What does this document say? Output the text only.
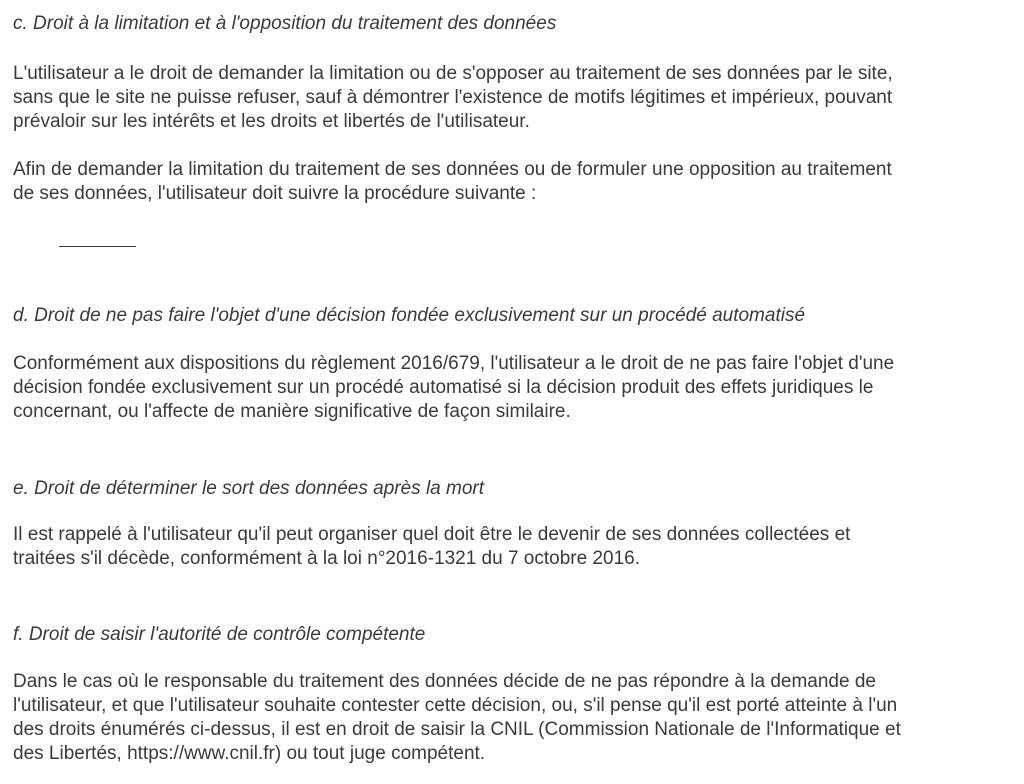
c. Droit à la limitation et à l'opposition du traitement des données

L'utilisateur a le droit de demander la limitation ou de s'opposer au traitement de ses données par le site,
sans que le site ne puisse refuser, sauf à démontrer l'existence de motifs légitimes et impérieux, pouvant
prévaloir sur les intérêts et les droits et libertés de l'utilisateur.

Afin de demander la limitation du traitement de ses données ou de formuler une opposition au traitement
de ses données, l'utilisateur doit suivre la procédure suivante :

d. Droit de ne pas faire l'objet d'une décision fondée exclusivement sur un procédé automatisé

Conformément aux dispositions du règlement 2016/679, l'utilisateur a le droit de ne pas faire l'objet d'une
décision fondée exclusivement sur un procédé automatisé si la décision produit des effets juridiques le
concernant, ou l'affecte de manière significative de façon similaire.

e. Droit de déterminer le sort des données après la mort

Il est rappelé à l'utilisateur qu'il peut organiser quel doit être le devenir de ses données collectées et
traitées s'il décède, conformément à la loi n°2016-1321 du 7 octobre 2016.

f. Droit de saisir l'autorité de contrôle compétente

Dans le cas où le responsable du traitement des données décide de ne pas répondre à la demande de
l'utilisateur, et que l'utilisateur souhaite contester cette décision, ou, s'il pense qu'il est porté atteinte à l'un
des droits énumérés ci-dessus, il est en droit de saisir la CNIL (Commission Nationale de l'Informatique et
des Libertés, https://www.cnil.fr) ou tout juge compétent.
